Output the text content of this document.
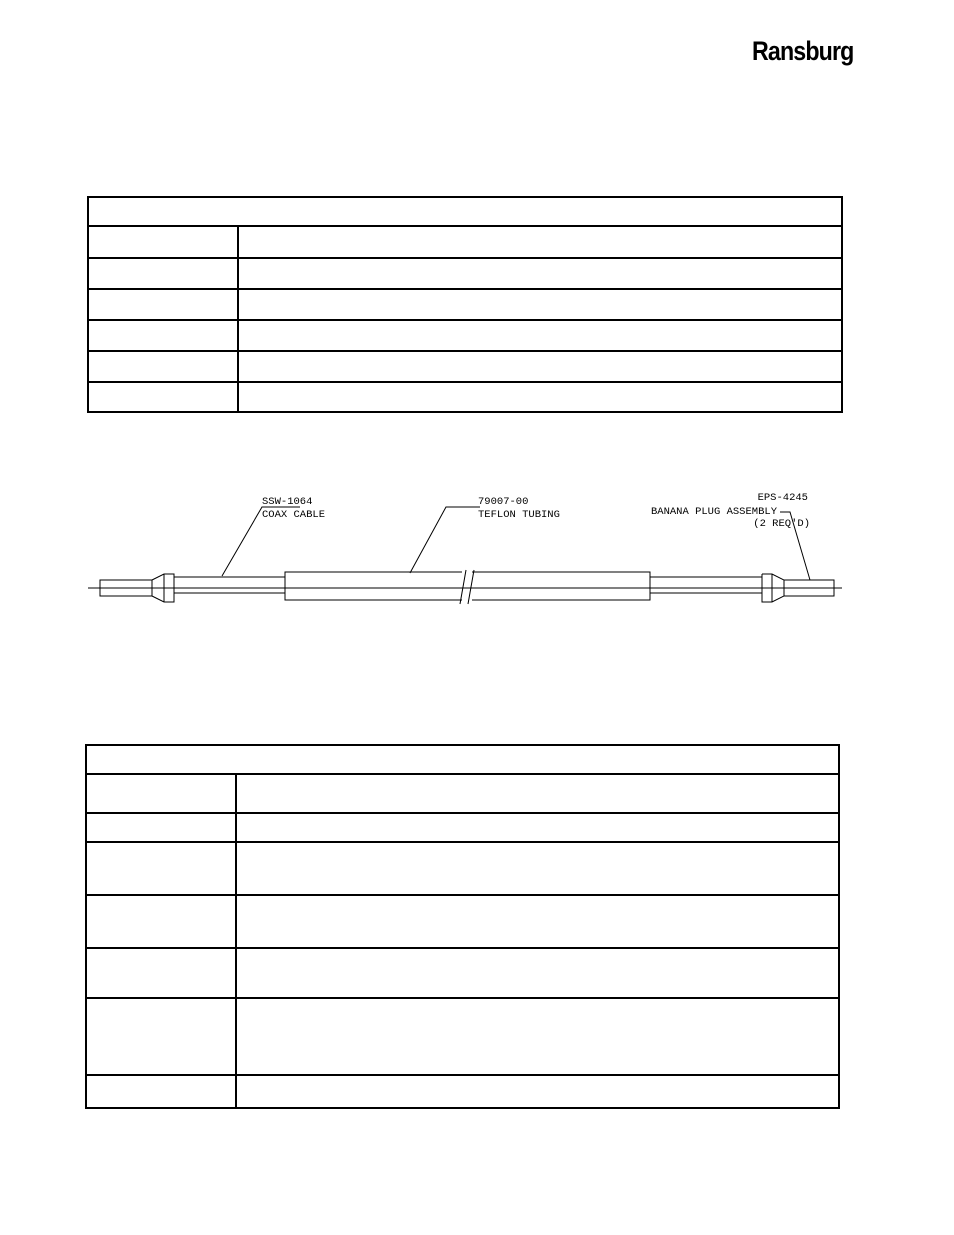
Ransburg

SSW-1064
COAX CABLE
79007-00
TEFLON TUBING
EPS-4245
BANANA PLUG ASSEMBLY
(2 REQ'D)
